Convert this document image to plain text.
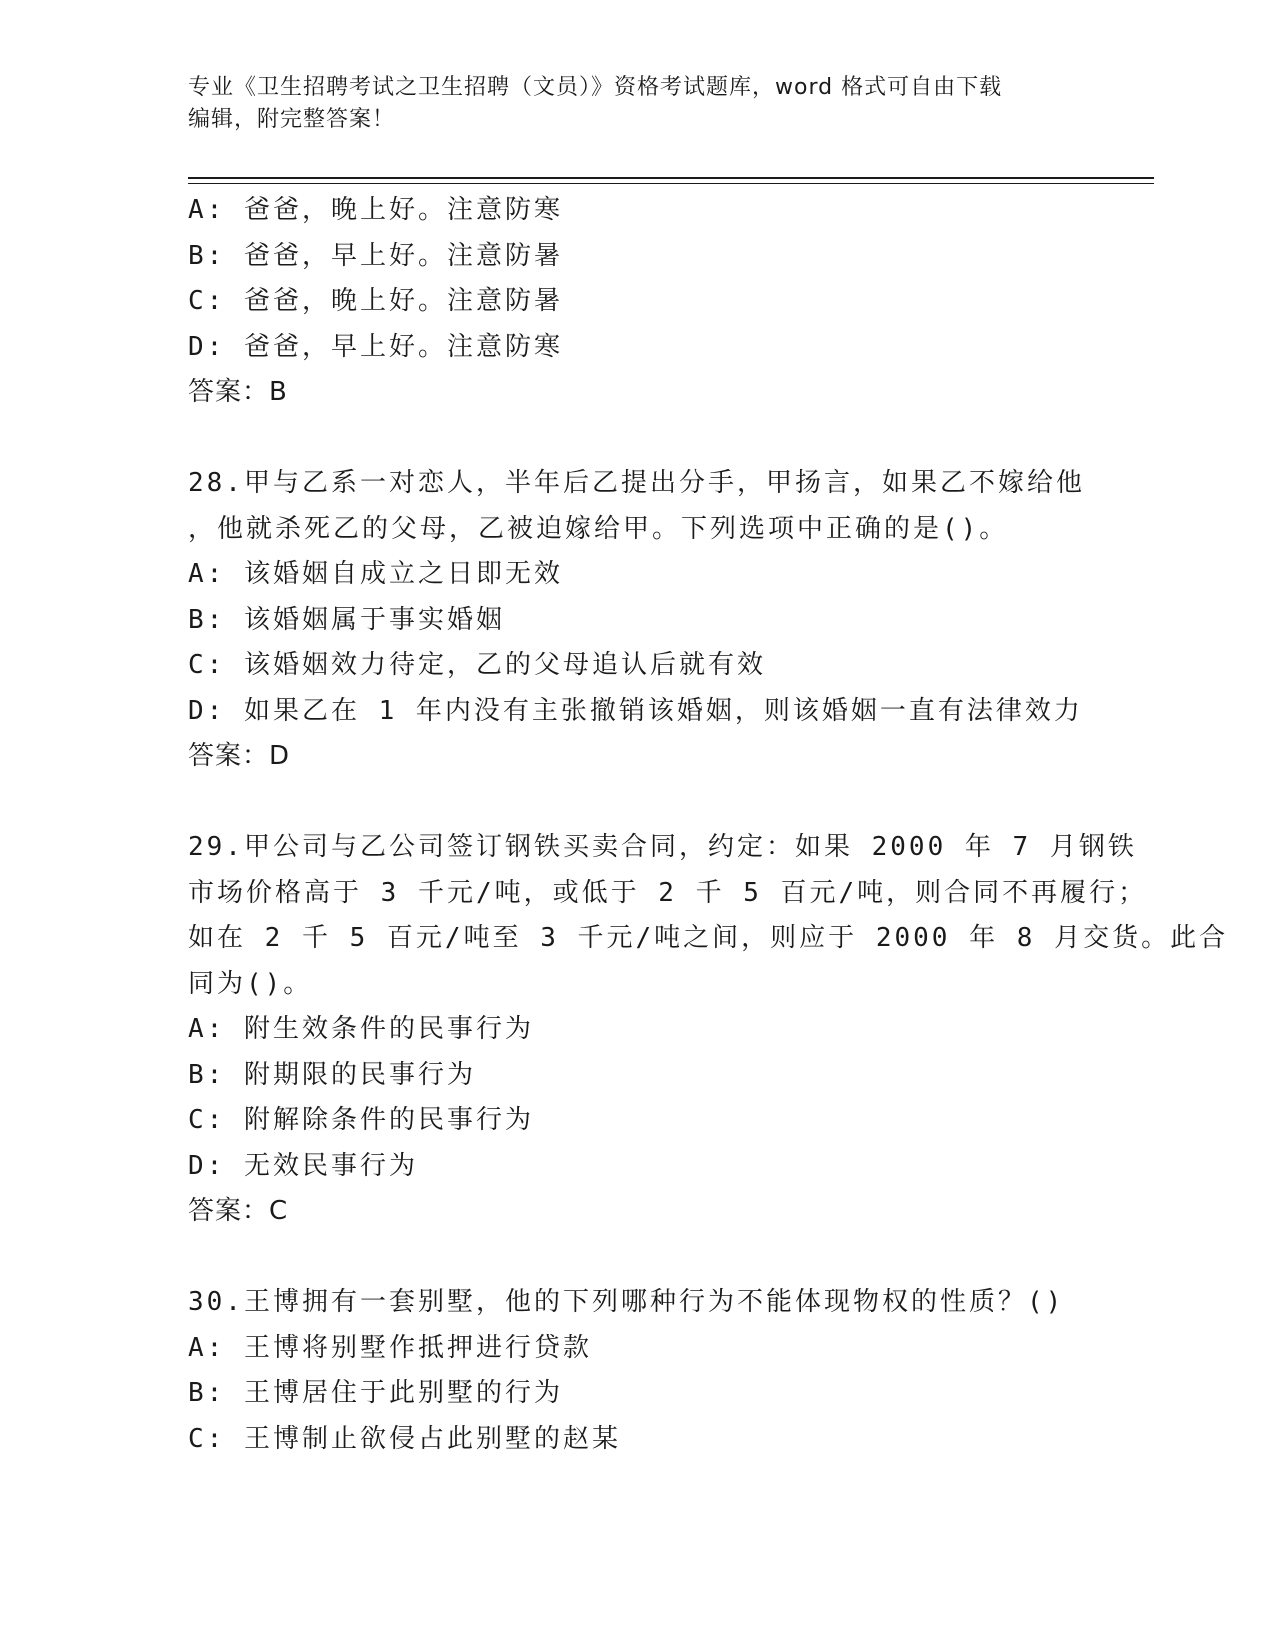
专业《卫生招聘考试之卫生招聘（文员）》资格考试题库，word 格式可自由下载
编辑，附完整答案！
A: 爸爸，晚上好。注意防寒
B: 爸爸，早上好。注意防暑
C: 爸爸，晚上好。注意防暑
D: 爸爸，早上好。注意防寒
答案：B
28.甲与乙系一对恋人，半年后乙提出分手，甲扬言，如果乙不嫁给他
，他就杀死乙的父母，乙被迫嫁给甲。下列选项中正确的是()。
A: 该婚姻自成立之日即无效
B: 该婚姻属于事实婚姻
C: 该婚姻效力待定，乙的父母追认后就有效
D: 如果乙在 1 年内没有主张撤销该婚姻，则该婚姻一直有法律效力
答案：D
29.甲公司与乙公司签订钢铁买卖合同，约定：如果 2000 年 7 月钢铁
市场价格高于 3 千元/吨，或低于 2 千 5 百元/吨，则合同不再履行；
如在 2 千 5 百元/吨至 3 千元/吨之间，则应于 2000 年 8 月交货。此合
同为()。
A: 附生效条件的民事行为
B: 附期限的民事行为
C: 附解除条件的民事行为
D: 无效民事行为
答案：C
30.王博拥有一套别墅，他的下列哪种行为不能体现物权的性质？()
A: 王博将别墅作抵押进行贷款
B: 王博居住于此别墅的行为
C: 王博制止欲侵占此别墅的赵某
